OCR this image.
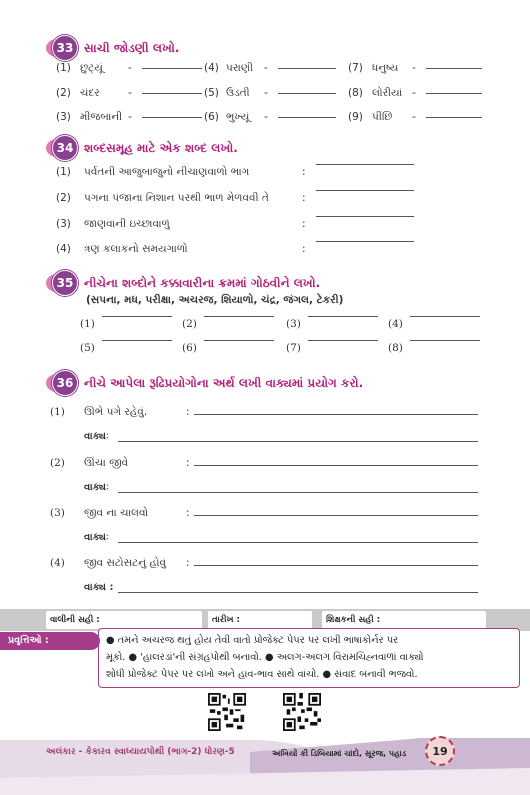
33 સાચી જોડણી લખો.
(1) છુટ્યૂં -	(4) પરાણી -	(7) ધનુષ્ય -
(2) ચંદર	-	(5) ઉડતી -	(8) લોરીયાં -
(3) મીજબાની -	(6) ભુખ્યૂં -	(9) પીંછિ -
34 શબ્દસમૂહ માટે એક શબ્દ લખો.
(1) પર્વતની આજુબાજુનો નીચાણવાળો ભાગ	:
(2) પગના પંજાના નિશાન પરથી ભાળ મેળવવી તે	:
(3) જાણવાની ઇચ્છાવાળું	:
(4) ત્રણ કલાકનો સમયગાળો	:
35 નીચેના શબ્દોને કક્કાવારીના ક્રમમાં ગોઠવીને લખો.
(સપના, મધ, પરીક્ષા, અચરજ, શિયાળો, ચંદ્ર, જંગલ, ટેકરી)
(1)	(2)	(3)	(4)
(5)	(6)	(7)	(8)
36 નીચે આપેલા રૂઢિપ્રયોગોના અર્થ લખી વાક્યમાં પ્રયોગ કરો.
(1) ઊભે પગે રહેવું.	:
વાક્યઃ
(2) ઊંચા જીવે	:
વાક્યઃ
(3) જીવ ના ચાલવો	:
વાક્યઃ
(4) જીવ સટોસટનું હોવું :
વાક્ય :
વાલીની સહી :	તારીખ :	શિક્ષકની સહી :
પ્રવૃત્તિઓ :	● તમને અચરજ થતું હોય તેવી વાતો પ્રોજેક્ટ પેપર પર લખી ભાષાકોર્નર પર
મૂકો. ● 'હાલરડાં'ની સંગ્રહપોથી બનાવો. ● અલગ-અલગ વિરામચિહ્નવાળાં વાક્યો
શોધી પ્રોજેક્ટ પેપર પર લખો અને હાવ-ભાવ સાથે વાંચો. ● સંવાદ બનાવી ભજવો.
અલંકાર - કેકારવ સ્વાધ્યાયપોથી (ભાગ-2) ધોરણ-5	અખિયોં કી ડિબિયામાં ચાંદો, સૂરજ, પહાડ	19
